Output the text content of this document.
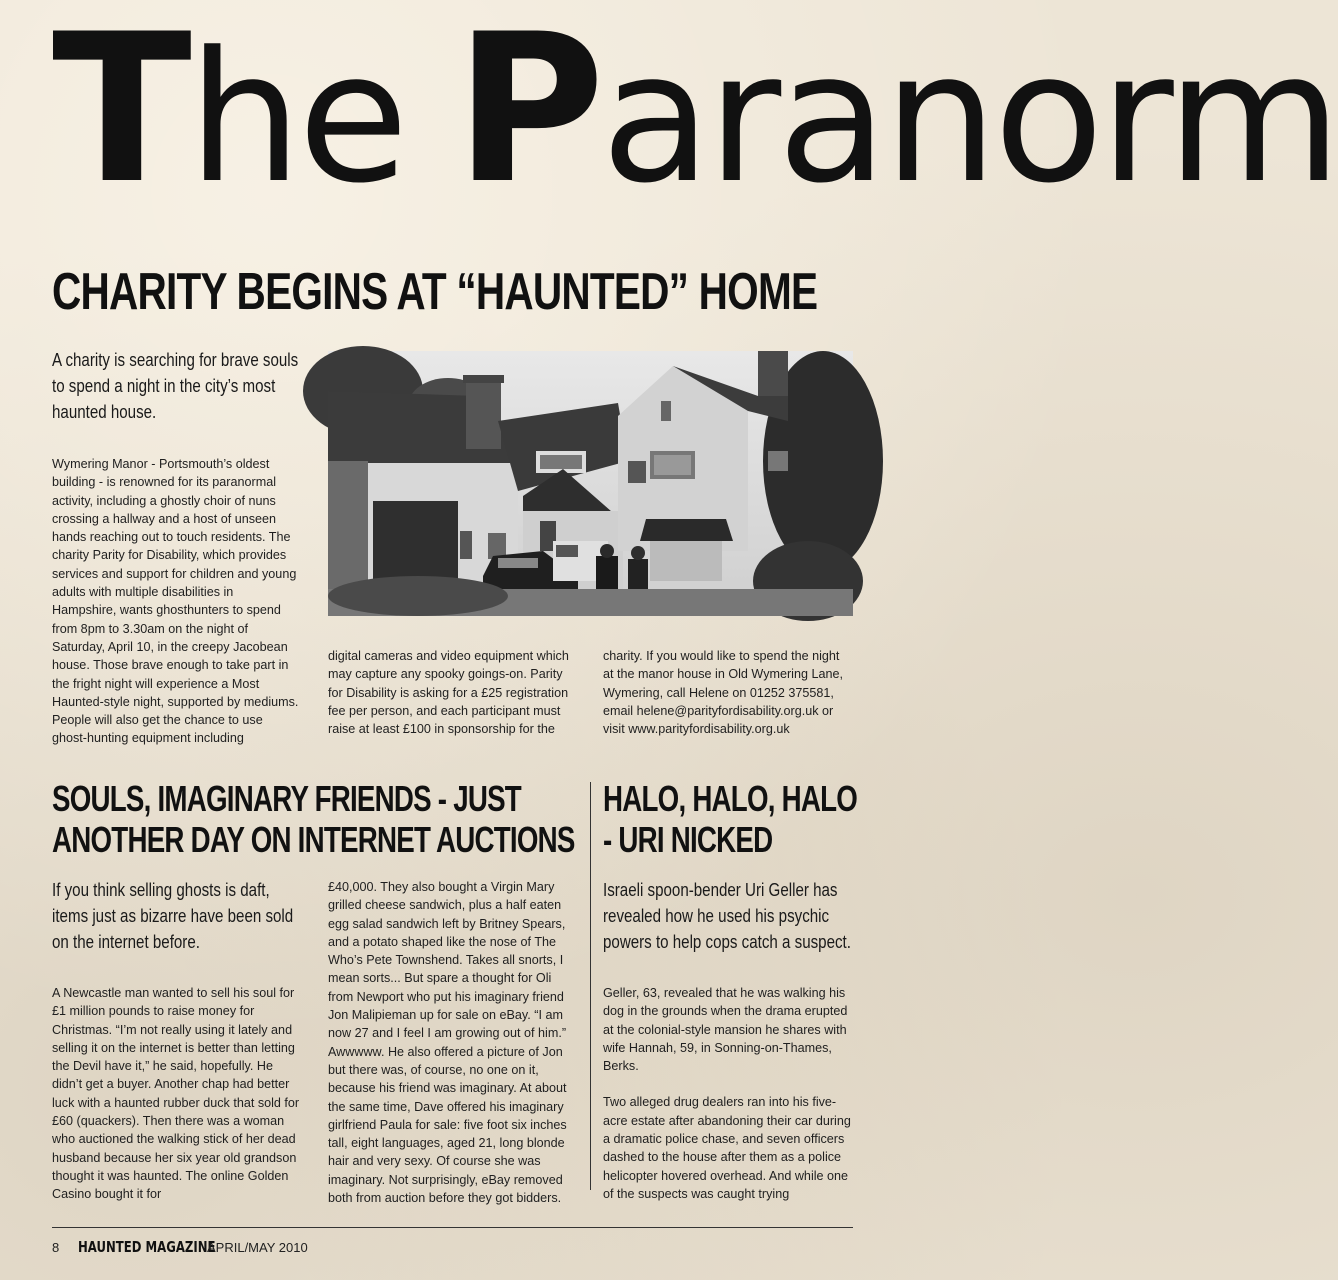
The Paranorm
CHARITY BEGINS AT “HAUNTED” HOME
A charity is searching for brave souls to spend a night in the city’s most haunted house.

Wymering Manor - Portsmouth’s oldest building - is renowned for its paranormal activity, including a ghostly choir of nuns crossing a hallway and a host of unseen hands reaching out to touch residents. The charity Parity for Disability, which provides services and support for children and young adults with multiple disabilities in Hampshire, wants ghosthunters to spend from 8pm to 3.30am on the night of Saturday, April 10, in the creepy Jacobean house. Those brave enough to take part in the fright night will experience a Most Haunted-style night, supported by mediums. People will also get the chance to use ghost-hunting equipment including

digital cameras and video equipment which may capture any spooky goings-on. Parity for Disability is asking for a £25 registration fee per person, and each participant must raise at least £100 in sponsorship for the

charity. If you would like to spend the night at the manor house in Old Wymering Lane, Wymering, call Helene on 01252 375581, email helene@parityfordisability.org.uk or visit www.parityfordisability.org.uk

SOULS, IMAGINARY FRIENDS - JUST
ANOTHER DAY ON INTERNET AUCTIONS
If you think selling ghosts is daft, items just as bizarre have been sold on the internet before.

A Newcastle man wanted to sell his soul for £1 million pounds to raise money for Christmas. “I’m not really using it lately and selling it on the internet is better than letting the Devil have it,” he said, hopefully. He didn’t get a buyer. Another chap had better luck with a haunted rubber duck that sold for £60 (quackers). Then there was a woman who auctioned the walking stick of her dead husband because her six year old grandson thought it was haunted. The online Golden Casino bought it for

£40,000. They also bought a Virgin Mary grilled cheese sandwich, plus a half eaten egg salad sandwich left by Britney Spears, and a potato shaped like the nose of The Who’s Pete Townshend. Takes all snorts, I mean sorts... But spare a thought for Oli from Newport who put his imaginary friend Jon Malipieman up for sale on eBay. “I am now 27 and I feel I am growing out of him.” Awwwww. He also offered a picture of Jon but there was, of course, no one on it, because his friend was imaginary. At about the same time, Dave offered his imaginary girlfriend Paula for sale: five foot six inches tall, eight languages, aged 21, long blonde hair and very sexy. Of course she was imaginary. Not surprisingly, eBay removed both from auction before they got bidders.

HALO, HALO, HALO
- URI NICKED
Israeli spoon-bender Uri Geller has revealed how he used his psychic powers to help cops catch a suspect.

Geller, 63, revealed that he was walking his dog in the grounds when the drama erupted at the colonial-style mansion he shares with wife Hannah, 59, in Sonning-on-Thames, Berks.

Two alleged drug dealers ran into his five-acre estate after abandoning their car during a dramatic police chase, and seven officers dashed to the house after them as a police helicopter hovered overhead. And while one of the suspects was caught trying

8 HAUNTED MAGAZINE
APRIL/MAY 2010
